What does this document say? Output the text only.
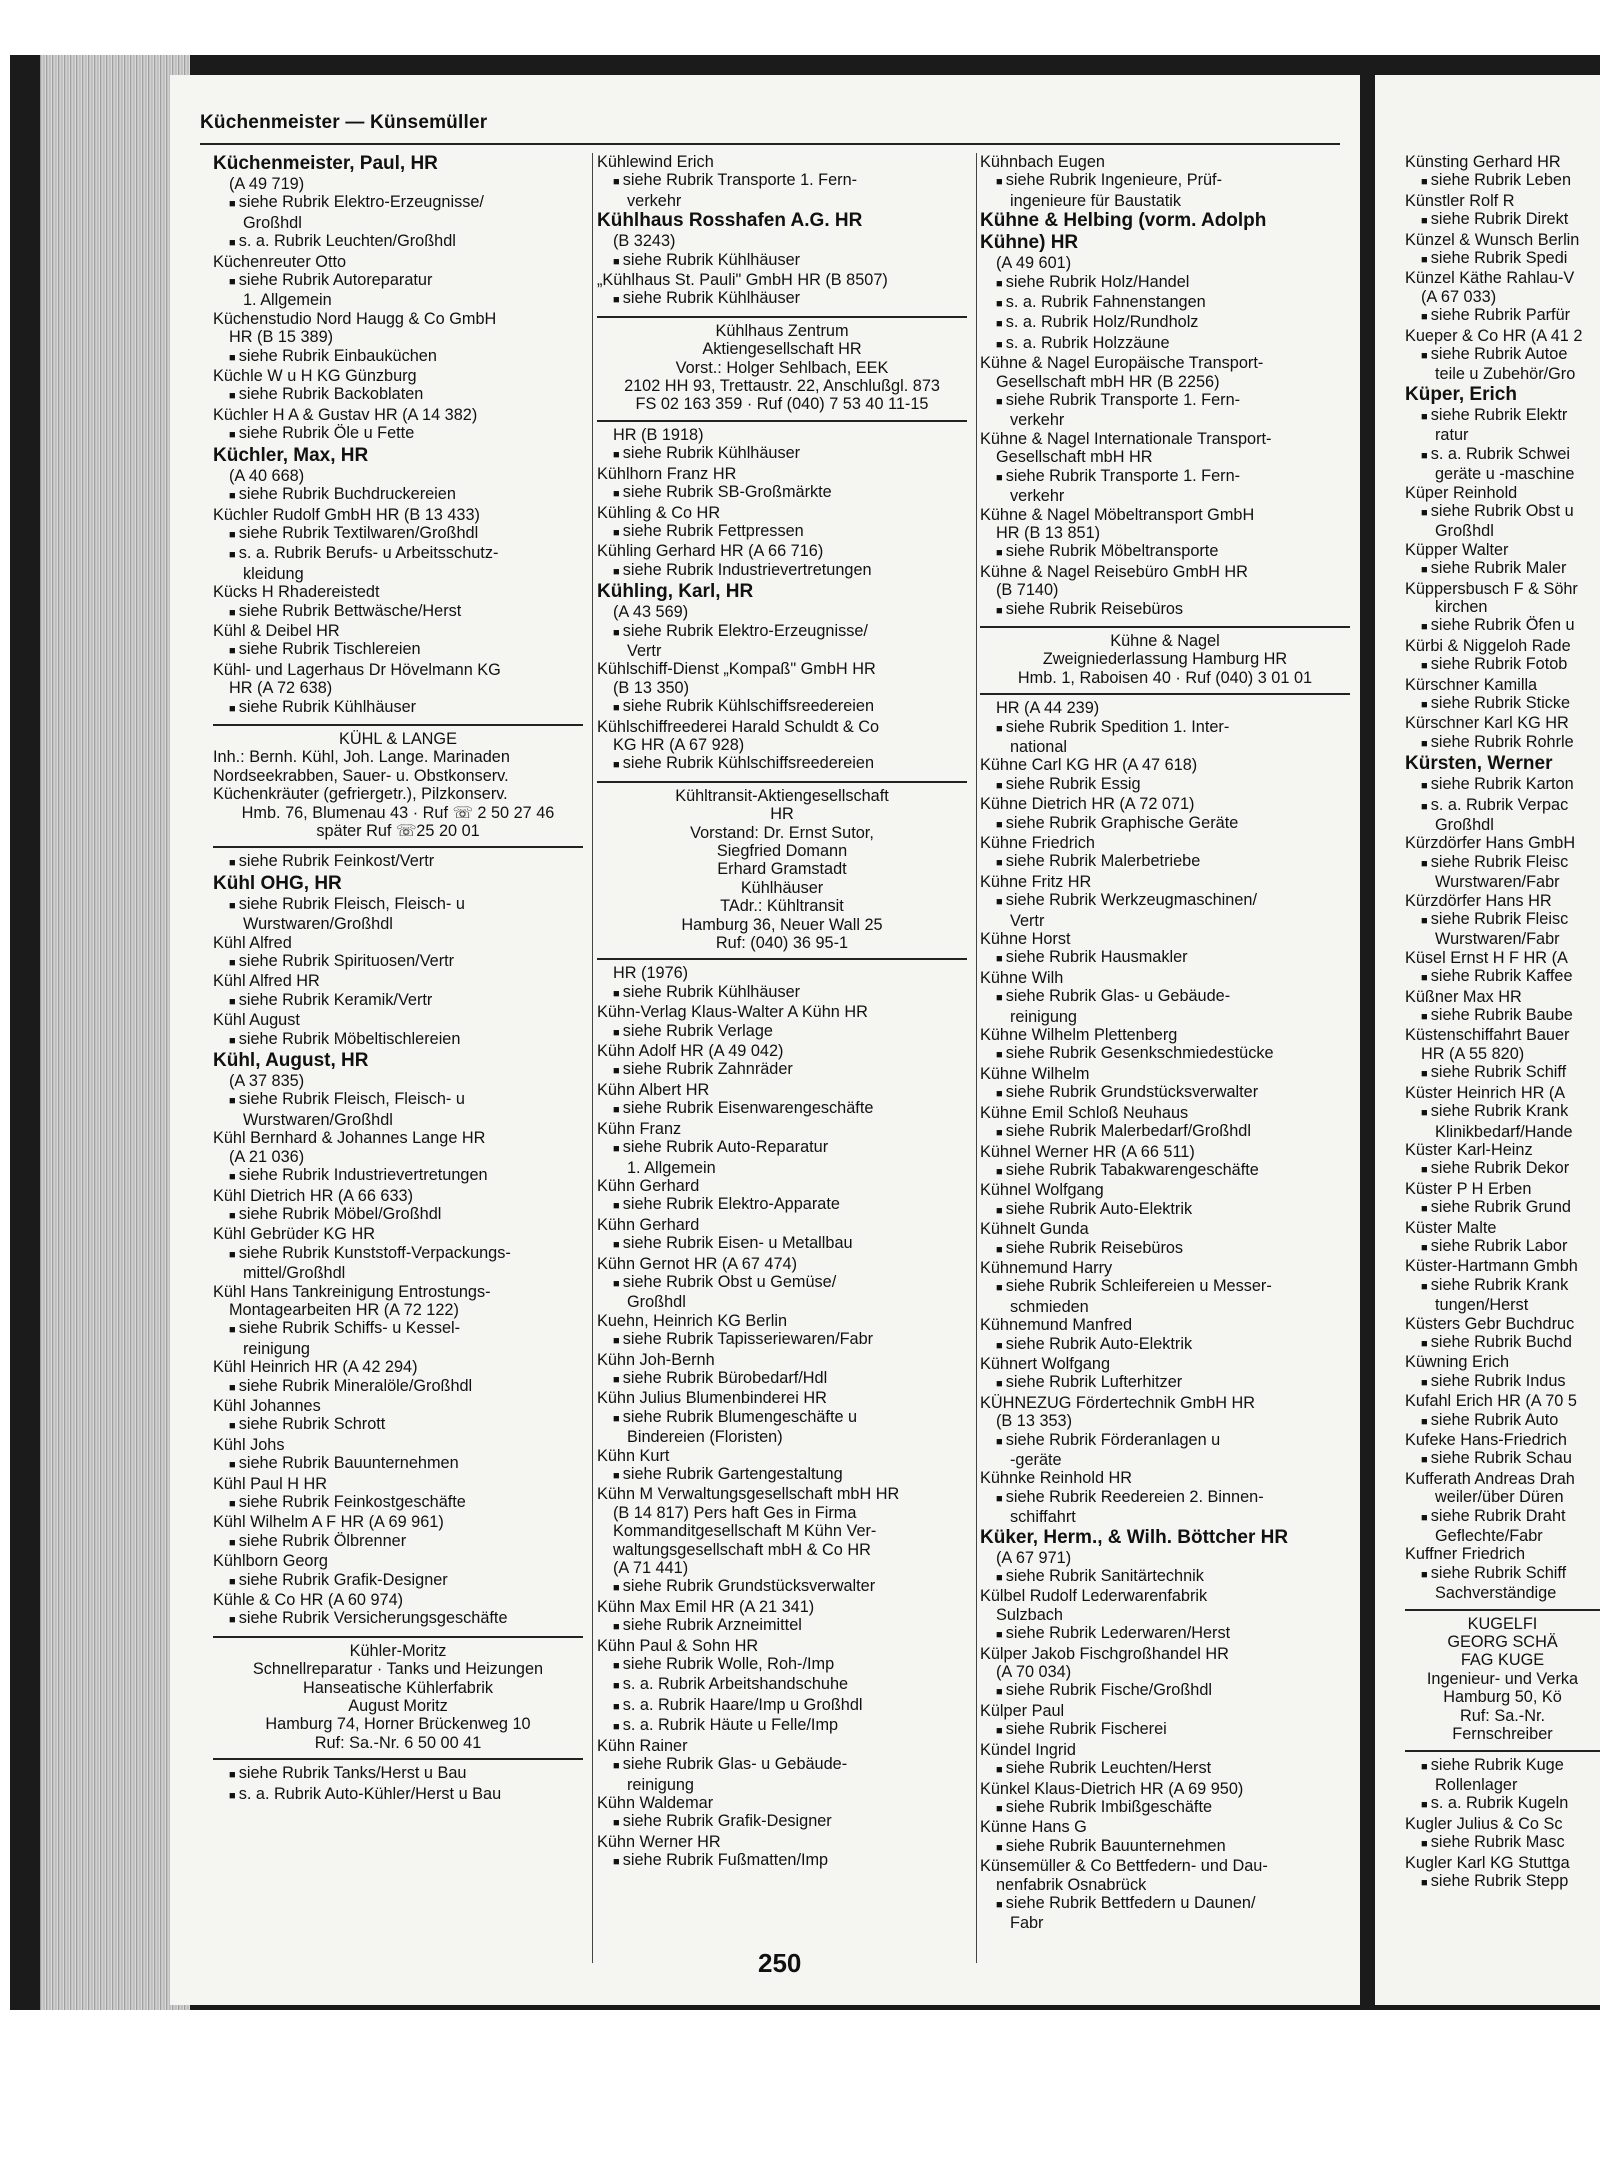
Küchenmeister — Künsemüller
Küchenmeister, Paul, HR
(A 49 719)
■ siehe Rubrik Elektro-Erzeugnisse/
Großhdl
■ s. a. Rubrik Leuchten/Großhdl
Küchenreuter Otto
■ siehe Rubrik Autoreparatur
1. Allgemein
Küchenstudio Nord Haugg & Co GmbH
HR (B 15 389)
■ siehe Rubrik Einbauküchen
Küchle W u H KG Günzburg
■ siehe Rubrik Backoblaten
Küchler H A & Gustav HR (A 14 382)
■ siehe Rubrik Öle u Fette
Küchler, Max, HR
(A 40 668)
■ siehe Rubrik Buchdruckereien
Küchler Rudolf GmbH HR (B 13 433)
■ siehe Rubrik Textilwaren/Großhdl
■ s. a. Rubrik Berufs- u Arbeitsschutz-
kleidung
Kücks H Rhadereistedt
■ siehe Rubrik Bettwäsche/Herst
Kühl & Deibel HR
■ siehe Rubrik Tischlereien
Kühl- und Lagerhaus Dr Hövelmann KG
HR (A 72 638)
■ siehe Rubrik Kühlhäuser
KÜHL & LANGE
Inh.: Bernh. Kühl, Joh. Lange. Marinaden
Nordseekrabben, Sauer- u. Obstkonserv.
Küchenkräuter (gefriergetr.), Pilzkonserv.
Hmb. 76, Blumenau 43 · Ruf ☏ 2 50 27 46
später Ruf ☏25 20 01
■ siehe Rubrik Feinkost/Vertr
Kühl OHG, HR
■ siehe Rubrik Fleisch, Fleisch- u
Wurstwaren/Großhdl
Kühl Alfred
■ siehe Rubrik Spirituosen/Vertr
Kühl Alfred HR
■ siehe Rubrik Keramik/Vertr
Kühl August
■ siehe Rubrik Möbeltischlereien
Kühl, August, HR
(A 37 835)
■ siehe Rubrik Fleisch, Fleisch- u
Wurstwaren/Großhdl
Kühl Bernhard & Johannes Lange HR
(A 21 036)
■ siehe Rubrik Industrievertretungen
Kühl Dietrich HR (A 66 633)
■ siehe Rubrik Möbel/Großhdl
Kühl Gebrüder KG HR
■ siehe Rubrik Kunststoff-Verpackungs-
mittel/Großhdl
Kühl Hans Tankreinigung Entrostungs-
Montagearbeiten HR (A 72 122)
■ siehe Rubrik Schiffs- u Kessel-
reinigung
Kühl Heinrich HR (A 42 294)
■ siehe Rubrik Mineralöle/Großhdl
Kühl Johannes
■ siehe Rubrik Schrott
Kühl Johs
■ siehe Rubrik Bauunternehmen
Kühl Paul H HR
■ siehe Rubrik Feinkostgeschäfte
Kühl Wilhelm A F HR (A 69 961)
■ siehe Rubrik Ölbrenner
Kühlborn Georg
■ siehe Rubrik Grafik-Designer
Kühle & Co HR (A 60 974)
■ siehe Rubrik Versicherungsgeschäfte
Kühler-Moritz
Schnellreparatur · Tanks und Heizungen
Hanseatische Kühlerfabrik
August Moritz
Hamburg 74, Horner Brückenweg 10
Ruf: Sa.-Nr. 6 50 00 41
■ siehe Rubrik Tanks/Herst u Bau
■ s. a. Rubrik Auto-Kühler/Herst u Bau
Kühlewind Erich
■ siehe Rubrik Transporte 1. Fern-
verkehr
Kühlhaus Rosshafen A.G. HR
(B 3243)
■ siehe Rubrik Kühlhäuser
„Kühlhaus St. Pauli" GmbH HR (B 8507)
■ siehe Rubrik Kühlhäuser
Kühlhaus Zentrum
Aktiengesellschaft HR
Vorst.: Holger Sehlbach, EEK
2102 HH 93, Trettaustr. 22, Anschlußgl. 873
FS 02 163 359 · Ruf (040) 7 53 40 11-15
HR (B 1918)
■ siehe Rubrik Kühlhäuser
Kühlhorn Franz HR
■ siehe Rubrik SB-Großmärkte
Kühling & Co HR
■ siehe Rubrik Fettpressen
Kühling Gerhard HR (A 66 716)
■ siehe Rubrik Industrievertretungen
Kühling, Karl, HR
(A 43 569)
■ siehe Rubrik Elektro-Erzeugnisse/
Vertr
Kühlschiff-Dienst „Kompaß" GmbH HR
(B 13 350)
■ siehe Rubrik Kühlschiffsreedereien
Kühlschiffreederei Harald Schuldt & Co
KG HR (A 67 928)
■ siehe Rubrik Kühlschiffsreedereien
Kühltransit-Aktiengesellschaft
HR
Vorstand: Dr. Ernst Sutor,
Siegfried Domann
Erhard Gramstadt
Kühlhäuser
TAdr.: Kühltransit
Hamburg 36, Neuer Wall 25
Ruf: (040) 36 95-1
HR (1976)
■ siehe Rubrik Kühlhäuser
Kühn-Verlag Klaus-Walter A Kühn HR
■ siehe Rubrik Verlage
Kühn Adolf HR (A 49 042)
■ siehe Rubrik Zahnräder
Kühn Albert HR
■ siehe Rubrik Eisenwarengeschäfte
Kühn Franz
■ siehe Rubrik Auto-Reparatur
1. Allgemein
Kühn Gerhard
■ siehe Rubrik Elektro-Apparate
Kühn Gerhard
■ siehe Rubrik Eisen- u Metallbau
Kühn Gernot HR (A 67 474)
■ siehe Rubrik Obst u Gemüse/
Großhdl
Kuehn, Heinrich KG Berlin
■ siehe Rubrik Tapisseriewaren/Fabr
Kühn Joh-Bernh
■ siehe Rubrik Bürobedarf/Hdl
Kühn Julius Blumenbinderei HR
■ siehe Rubrik Blumengeschäfte u
Bindereien (Floristen)
Kühn Kurt
■ siehe Rubrik Gartengestaltung
Kühn M Verwaltungsgesellschaft mbH HR
(B 14 817) Pers haft Ges in Firma
Kommanditgesellschaft M Kühn Ver-
waltungsgesellschaft mbH & Co HR
(A 71 441)
■ siehe Rubrik Grundstücksverwalter
Kühn Max Emil HR (A 21 341)
■ siehe Rubrik Arzneimittel
Kühn Paul & Sohn HR
■ siehe Rubrik Wolle, Roh-/Imp
■ s. a. Rubrik Arbeitshandschuhe
■ s. a. Rubrik Haare/Imp u Großhdl
■ s. a. Rubrik Häute u Felle/Imp
Kühn Rainer
■ siehe Rubrik Glas- u Gebäude-
reinigung
Kühn Waldemar
■ siehe Rubrik Grafik-Designer
Kühn Werner HR
■ siehe Rubrik Fußmatten/Imp
Kühnbach Eugen
■ siehe Rubrik Ingenieure, Prüf-
ingenieure für Baustatik
Kühne & Helbing (vorm. Adolph
Kühne) HR
(A 49 601)
■ siehe Rubrik Holz/Handel
■ s. a. Rubrik Fahnenstangen
■ s. a. Rubrik Holz/Rundholz
■ s. a. Rubrik Holzzäune
Kühne & Nagel Europäische Transport-
Gesellschaft mbH HR (B 2256)
■ siehe Rubrik Transporte 1. Fern-
verkehr
Kühne & Nagel Internationale Transport-
Gesellschaft mbH HR
■ siehe Rubrik Transporte 1. Fern-
verkehr
Kühne & Nagel Möbeltransport GmbH
HR (B 13 851)
■ siehe Rubrik Möbeltransporte
Kühne & Nagel Reisebüro GmbH HR
(B 7140)
■ siehe Rubrik Reisebüros
Kühne & Nagel
Zweigniederlassung Hamburg HR
Hmb. 1, Raboisen 40 · Ruf (040) 3 01 01
HR (A 44 239)
■ siehe Rubrik Spedition 1. Inter-
national
Kühne Carl KG HR (A 47 618)
■ siehe Rubrik Essig
Kühne Dietrich HR (A 72 071)
■ siehe Rubrik Graphische Geräte
Kühne Friedrich
■ siehe Rubrik Malerbetriebe
Kühne Fritz HR
■ siehe Rubrik Werkzeugmaschinen/
Vertr
Kühne Horst
■ siehe Rubrik Hausmakler
Kühne Wilh
■ siehe Rubrik Glas- u Gebäude-
reinigung
Kühne Wilhelm Plettenberg
■ siehe Rubrik Gesenkschmiedestücke
Kühne Wilhelm
■ siehe Rubrik Grundstücksverwalter
Kühne Emil Schloß Neuhaus
■ siehe Rubrik Malerbedarf/Großhdl
Kühnel Werner HR (A 66 511)
■ siehe Rubrik Tabakwarengeschäfte
Kühnel Wolfgang
■ siehe Rubrik Auto-Elektrik
Kühnelt Gunda
■ siehe Rubrik Reisebüros
Kühnemund Harry
■ siehe Rubrik Schleifereien u Messer-
schmieden
Kühnemund Manfred
■ siehe Rubrik Auto-Elektrik
Kühnert Wolfgang
■ siehe Rubrik Lufterhitzer
KÜHNEZUG Fördertechnik GmbH HR
(B 13 353)
■ siehe Rubrik Förderanlagen u
-geräte
Kühnke Reinhold HR
■ siehe Rubrik Reedereien 2. Binnen-
schiffahrt
Küker, Herm., & Wilh. Böttcher HR
(A 67 971)
■ siehe Rubrik Sanitärtechnik
Külbel Rudolf Lederwarenfabrik
Sulzbach
■ siehe Rubrik Lederwaren/Herst
Külper Jakob Fischgroßhandel HR
(A 70 034)
■ siehe Rubrik Fische/Großhdl
Külper Paul
■ siehe Rubrik Fischerei
Kündel Ingrid
■ siehe Rubrik Leuchten/Herst
Künkel Klaus-Dietrich HR (A 69 950)
■ siehe Rubrik Imbißgeschäfte
Künne Hans G
■ siehe Rubrik Bauunternehmen
Künsemüller & Co Bettfedern- und Dau-
nenfabrik Osnabrück
■ siehe Rubrik Bettfedern u Daunen/
Fabr
Künsting Gerhard HR
■ siehe Rubrik Leben
Künstler Rolf R
■ siehe Rubrik Direkt
Künzel & Wunsch Berlin
■ siehe Rubrik Spedi
Künzel Käthe Rahlau-V
(A 67 033)
■ siehe Rubrik Parfür
Kueper & Co HR (A 41 2
■ siehe Rubrik Autoe
teile u Zubehör/Gro
Küper, Erich
■ siehe Rubrik Elektr
ratur
■ s. a. Rubrik Schwei
geräte u -maschine
Küper Reinhold
■ siehe Rubrik Obst u
Großhdl
Küpper Walter
■ siehe Rubrik Maler
Küppersbusch F & Söhr
kirchen
■ siehe Rubrik Öfen u
Kürbi & Niggeloh Rade
■ siehe Rubrik Fotob
Kürschner Kamilla
■ siehe Rubrik Sticke
Kürschner Karl KG HR
■ siehe Rubrik Rohrle
Kürsten, Werner
■ siehe Rubrik Karton
■ s. a. Rubrik Verpac
Großhdl
Kürzdörfer Hans GmbH
■ siehe Rubrik Fleisc
Wurstwaren/Fabr
Kürzdörfer Hans HR
■ siehe Rubrik Fleisc
Wurstwaren/Fabr
Küsel Ernst H F HR (A
■ siehe Rubrik Kaffee
Küßner Max HR
■ siehe Rubrik Baube
Küstenschiffahrt Bauer
HR (A 55 820)
■ siehe Rubrik Schiff
Küster Heinrich HR (A
■ siehe Rubrik Krank
Klinikbedarf/Hande
Küster Karl-Heinz
■ siehe Rubrik Dekor
Küster P H Erben
■ siehe Rubrik Grund
Küster Malte
■ siehe Rubrik Labor
Küster-Hartmann Gmbh
■ siehe Rubrik Krank
tungen/Herst
Küsters Gebr Buchdruc
■ siehe Rubrik Buchd
Küwning Erich
■ siehe Rubrik Indus
Kufahl Erich HR (A 70 5
■ siehe Rubrik Auto
Kufeke Hans-Friedrich
■ siehe Rubrik Schau
Kufferath Andreas Drah
weiler/über Düren
■ siehe Rubrik Draht
Geflechte/Fabr
Kuffner Friedrich
■ siehe Rubrik Schiff
Sachverständige
KUGELFI
GEORG SCHÄ
FAG KUGE
Ingenieur- und Verka
Hamburg 50, Kö
Ruf: Sa.-Nr.
Fernschreiber
■ siehe Rubrik Kuge
Rollenlager
■ s. a. Rubrik Kugeln
Kugler Julius & Co Sc
■ siehe Rubrik Masc
Kugler Karl KG Stuttga
■ siehe Rubrik Stepp
250
